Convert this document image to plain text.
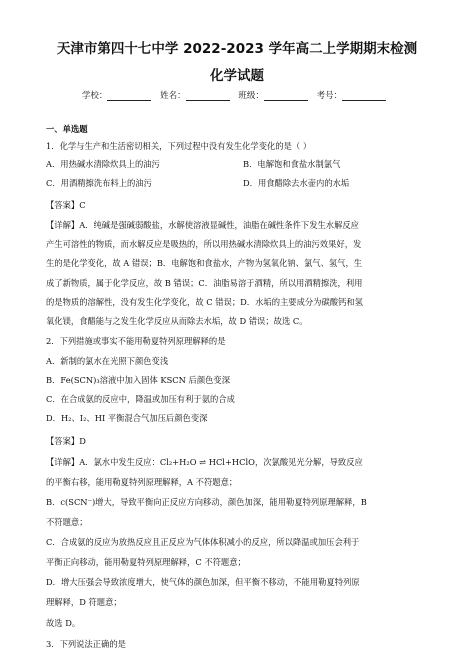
天津市第四十七中学 2022-2023 学年高二上学期期末检测
化学试题
学校：	姓名：	班级：	考号：
一、单选题
1．化学与生产和生活密切相关，下列过程中没有发生化学变化的是（ ）
A．用热碱水清除炊具上的油污	B．电解饱和食盐水制氯气
C．用酒精擦洗布料上的油污	D．用食醋除去水壶内的水垢
【答案】C
【详解】A．纯碱是强碱弱酸盐，水解使溶液显碱性，油脂在碱性条件下发生水解反应
产生可溶性的物质，而水解反应是吸热的，所以用热碱水清除炊具上的油污效果好，发
生的是化学变化，故 A 错误；B．电解饱和食盐水，产物为氢氧化钠、氯气、氢气，生
成了新物质，属于化学反应，故 B 错误；C．油脂易溶于酒精，所以用酒精擦洗，利用
的是物质的溶解性，没有发生化学变化，故 C 错误；D．水垢的主要成分为碳酸钙和氢
氧化镁，食醋能与之发生化学反应从而除去水垢，故 D 错误；故选 C。
2．下列措施或事实不能用勒夏特列原理解释的是
A．新制的氯水在光照下颜色变浅
B．Fe(SCN)₃溶液中加入固体 KSCN 后颜色变深
C．在合成氨的反应中，降温或加压有利于氨的合成
D．H₂、I₂、HI 平衡混合气加压后颜色变深
【答案】D
【详解】A．氯水中发生反应：Cl₂+H₂O ⇌ HCl+HClO，次氯酸见光分解，导致反应
的平衡右移，能用勒夏特列原理解释，A 不符题意；
B．c(SCN⁻)增大，导致平衡向正反应方向移动，颜色加深，能用勒夏特列原理解释，B
不符题意；
C．合成氨的反应为放热反应且正反应为气体体积减小的反应，所以降温或加压会利于
平衡正向移动，能用勒夏特列原理解释，C 不符题意；
D．增大压强会导致浓度增大，使气体的颜色加深，但平衡不移动，不能用勒夏特列原
理解释，D 符题意；
故选 D。
3．下列说法正确的是
